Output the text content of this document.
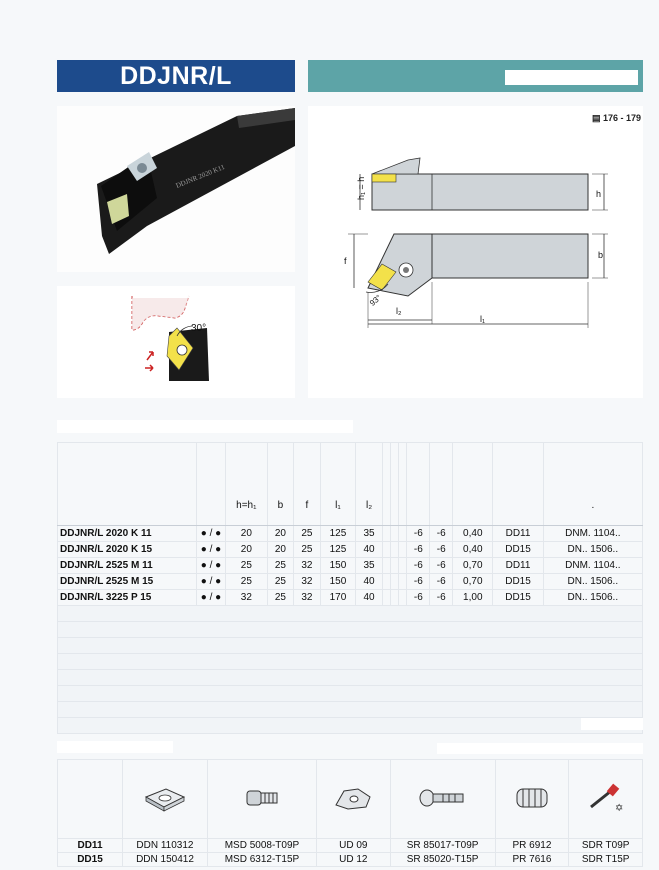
DDJNR/L
DDJNR 2020 K11
30°
▤ 176 - 179
h₁ = h	h
f
b
93°
l₂
l₁
		h=h₁	b	f	l₁	l₂								.
DDJNR/L 2020 K 11	● / ●	20	20	25	125	35				-6	-6	0,40	DD11	DNM. 1104..
DDJNR/L 2020 K 15	● / ●	20	20	25	125	40				-6	-6	0,40	DD15	DN.. 1506..
DDJNR/L 2525 M 11	● / ●	25	25	32	150	35				-6	-6	0,70	DD11	DNM. 1104..
DDJNR/L 2525 M 15	● / ●	25	25	32	150	40				-6	-6	0,70	DD15	DN.. 1506..
DDJNR/L 3225 P 15	● / ●	32	25	32	170	40				-6	-6	1,00	DD15	DN.. 1506..

✡

DD11	DDN 110312	MSD 5008-T09P	UD 09	SR 85017-T09P	PR 6912	SDR T09P
DD15	DDN 150412	MSD 6312-T15P	UD 12	SR 85020-T15P	PR 7616	SDR T15P
